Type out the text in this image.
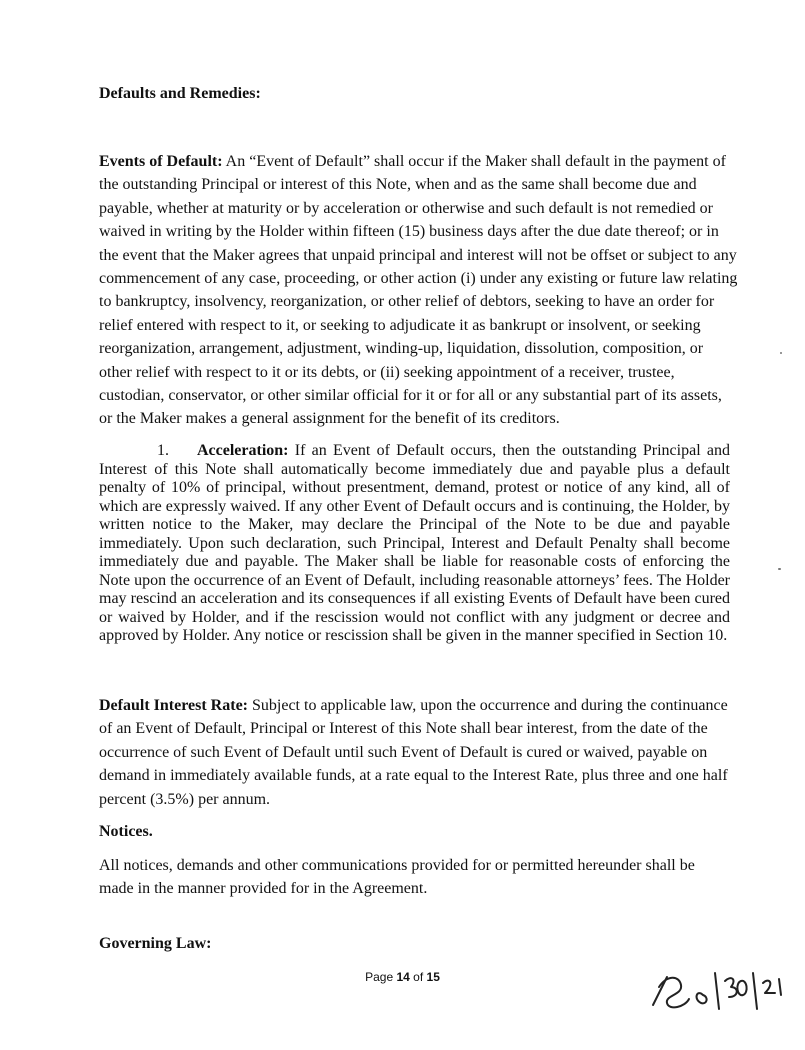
Defaults and Remedies:

Events of Default: An “Event of Default” shall occur if the Maker shall default in the payment of the outstanding Principal or interest of this Note, when and as the same shall become due and payable, whether at maturity or by acceleration or otherwise and such default is not remedied or waived in writing by the Holder within fifteen (15) business days after the due date thereof; or in the event that the Maker agrees that unpaid principal and interest will not be offset or subject to any commencement of any case, proceeding, or other action (i) under any existing or future law relating to bankruptcy, insolvency, reorganization, or other relief of debtors, seeking to have an order for relief entered with respect to it, or seeking to adjudicate it as bankrupt or insolvent, or seeking reorganization, arrangement, adjustment, winding-up, liquidation, dissolution, composition, or other relief with respect to it or its debts, or (ii) seeking appointment of a receiver, trustee, custodian, conservator, or other similar official for it or for all or any substantial part of its assets, or the Maker makes a general assignment for the benefit of its creditors.

1. Acceleration: If an Event of Default occurs, then the outstanding Principal and Interest of this Note shall automatically become immediately due and payable plus a default penalty of 10% of principal, without presentment, demand, protest or notice of any kind, all of which are expressly waived. If any other Event of Default occurs and is continuing, the Holder, by written notice to the Maker, may declare the Principal of the Note to be due and payable immediately. Upon such declaration, such Principal, Interest and Default Penalty shall become immediately due and payable. The Maker shall be liable for reasonable costs of enforcing the Note upon the occurrence of an Event of Default, including reasonable attorneys’ fees. The Holder may rescind an acceleration and its consequences if all existing Events of Default have been cured or waived by Holder, and if the rescission would not conflict with any judgment or decree and approved by Holder. Any notice or rescission shall be given in the manner specified in Section 10.

Default Interest Rate: Subject to applicable law, upon the occurrence and during the continuance of an Event of Default, Principal or Interest of this Note shall bear interest, from the date of the occurrence of such Event of Default until such Event of Default is cured or waived, payable on demand in immediately available funds, at a rate equal to the Interest Rate, plus three and one half percent (3.5%) per annum.

Notices.

All notices, demands and other communications provided for or permitted hereunder shall be made in the manner provided for in the Agreement.

Governing Law:

Page 14 of 15
